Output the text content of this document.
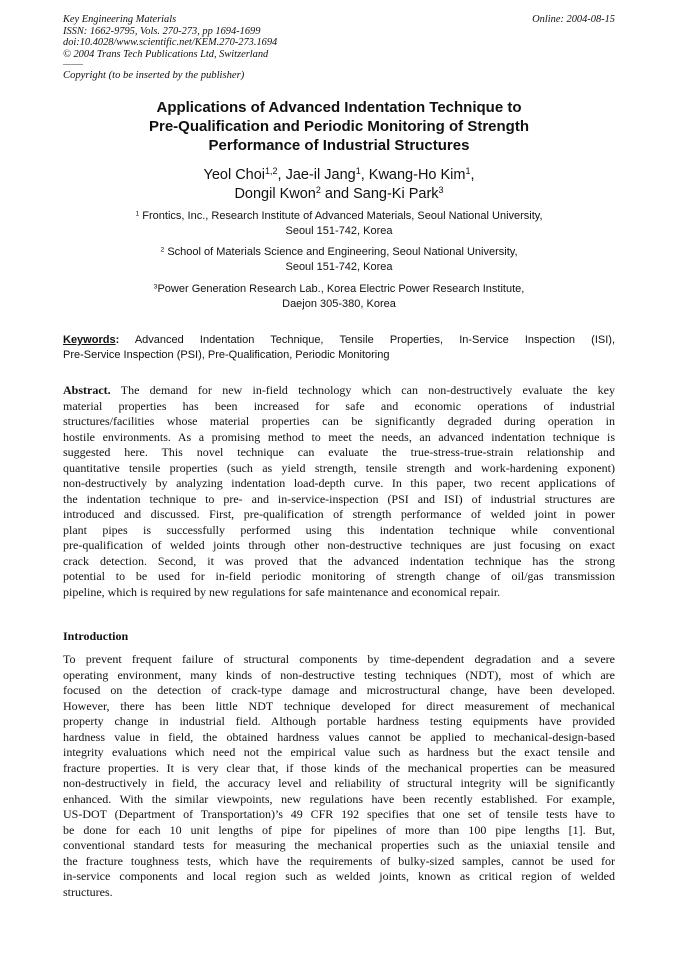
Key Engineering Materials
ISSN: 1662-9795, Vols. 270-273, pp 1694-1699
doi:10.4028/www.scientific.net/KEM.270-273.1694
© 2004 Trans Tech Publications Ltd, Switzerland
Online: 2004-08-15
Copyright (to be inserted by the publisher)
Applications of Advanced Indentation Technique to
Pre-Qualification and Periodic Monitoring of Strength
Performance of Industrial Structures
Yeol Choi$^{1,2}$, Jae-il Jang$^1$, Kwang-Ho Kim$^1$,
Dongil Kwon$^2$ and Sang-Ki Park$^3$
$^1$ Frontics, Inc., Research Institute of Advanced Materials, Seoul National University,
Seoul 151-742, Korea
$^2$ School of Materials Science and Engineering, Seoul National University,
Seoul 151-742, Korea
$^3$Power Generation Research Lab., Korea Electric Power Research Institute,
Daejon 305-380, Korea
Keywords: Advanced Indentation Technique, Tensile Properties, In-Service Inspection (ISI),
Pre-Service Inspection (PSI), Pre-Qualification, Periodic Monitoring
Abstract. The demand for new in-field technology which can non-destructively evaluate the key
material properties has been increased for safe and economic operations of industrial
structures/facilities whose material properties can be significantly degraded during operation in
hostile environments. As a promising method to meet the needs, an advanced indentation technique is
suggested here. This novel technique can evaluate the true-stress-true-strain relationship and
quantitative tensile properties (such as yield strength, tensile strength and work-hardening exponent)
non-destructively by analyzing indentation load-depth curve. In this paper, two recent applications of
the indentation technique to pre- and in-service-inspection (PSI and ISI) of industrial structures are
introduced and discussed. First, pre-qualification of strength performance of welded joint in power
plant pipes is successfully performed using this indentation technique while conventional
pre-qualification of welded joints through other non-destructive techniques are just focusing on exact
crack detection. Second, it was proved that the advanced indentation technique has the strong
potential to be used for in-field periodic monitoring of strength change of oil/gas transmission
pipeline, which is required by new regulations for safe maintenance and economical repair.
Introduction
To prevent frequent failure of structural components by time-dependent degradation and a severe
operating environment, many kinds of non-destructive testing techniques (NDT), most of which are
focused on the detection of crack-type damage and microstructural change, have been developed.
However, there has been little NDT technique developed for direct measurement of mechanical
property change in industrial field. Although portable hardness testing equipments have provided
hardness value in field, the obtained hardness values cannot be applied to mechanical-design-based
integrity evaluations which need not the empirical value such as hardness but the exact tensile and
fracture properties. It is very clear that, if those kinds of the mechanical properties can be measured
non-destructively in field, the accuracy level and reliability of structural integrity will be significantly
enhanced. With the similar viewpoints, new regulations have been recently established. For example,
US-DOT (Department of Transportation)’s 49 CFR 192 specifies that one set of tensile tests have to
be done for each 10 unit lengths of pipe for pipelines of more than 100 pipe lengths [1]. But,
conventional standard tests for measuring the mechanical properties such as the uniaxial tensile and
the fracture toughness tests, which have the requirements of bulky-sized samples, cannot be used for
in-service components and local region such as welded joints, known as critical region of welded
structures.
